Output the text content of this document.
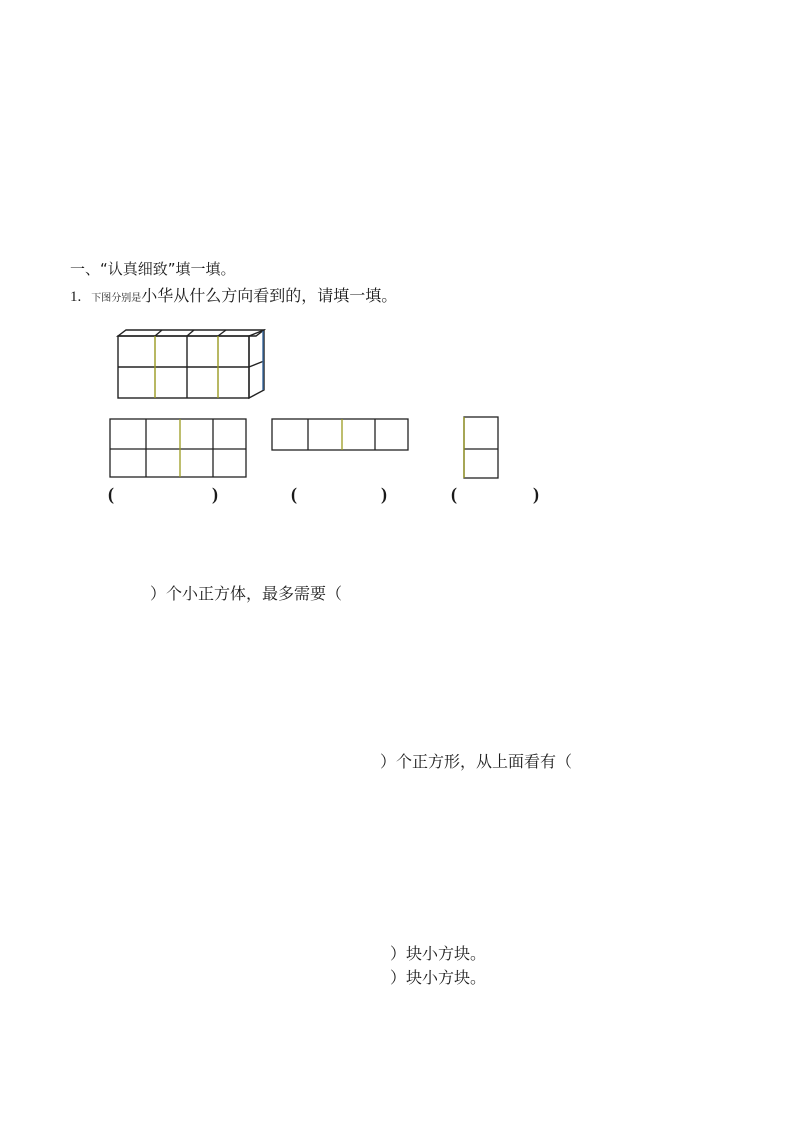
一、“认真细致”填一填。
1. 下图分别是小华从什么方向看到的，请填一填。
(	)	(	)	(	)
）个小正方体，最多需要（
）个正方形，从上面看有（
）块小方块。
）块小方块。
